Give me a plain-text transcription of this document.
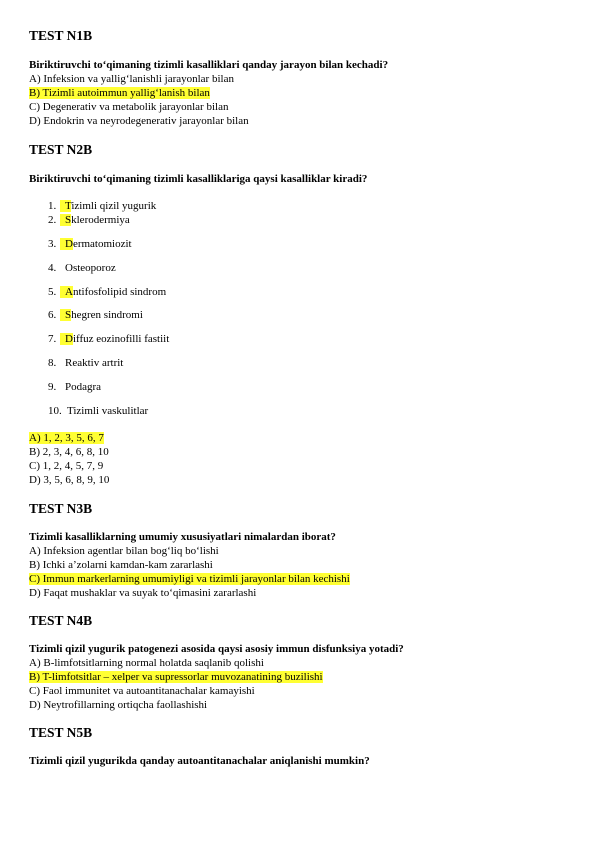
TEST N1B
Biriktiruvchi to‘qimaning tizimli kasalliklari qanday jarayon bilan kechadi?
A) Infeksion va yallig‘lanishli jarayonlar bilan
B) Tizimli autoimmun yallig‘lanish bilan
C) Degenerativ va metabolik jarayonlar bilan
D) Endokrin va neyrodegenerativ jarayonlar bilan
TEST N2B
Biriktiruvchi to‘qimaning tizimli kasalliklariga qaysi kasalliklar kiradi?
1. Tizimli qizil yugurik
2. Sklerodermiya
3. Dermatomiozit
4. Osteoporoz
5. Antifosfolipid sindrom
6. Shegren sindromi
7. Diffuz eozinofilli fastiit
8. Reaktiv artrit
9. Podagra
10. Tizimli vaskulitlar
A) 1, 2, 3, 5, 6, 7
B) 2, 3, 4, 6, 8, 10
C) 1, 2, 4, 5, 7, 9
D) 3, 5, 6, 8, 9, 10
TEST N3B
Tizimli kasalliklarning umumiy xususiyatlari nimalardan iborat?
A) Infeksion agentlar bilan bog‘liq bo‘lishi
B) Ichki a’zolarni kamdan-kam zararlashi
C) Immun markerlarning umumiyligi va tizimli jarayonlar bilan kechishi
D) Faqat mushaklar va suyak to‘qimasini zararlashi
TEST N4B
Tizimli qizil yugurik patogenezi asosida qaysi asosiy immun disfunksiya yotadi?
A) B-limfotsitlarning normal holatda saqlanib qolishi
B) T-limfotsitlar – xelper va supressorlar muvozanatining buzilishi
C) Faol immunitet va autoantitanachalar kamayishi
D) Neytrofillarning ortiqcha faollashishi
TEST N5B
Tizimli qizil yugurikda qanday autoantitanachalar aniqlanishi mumkin?
